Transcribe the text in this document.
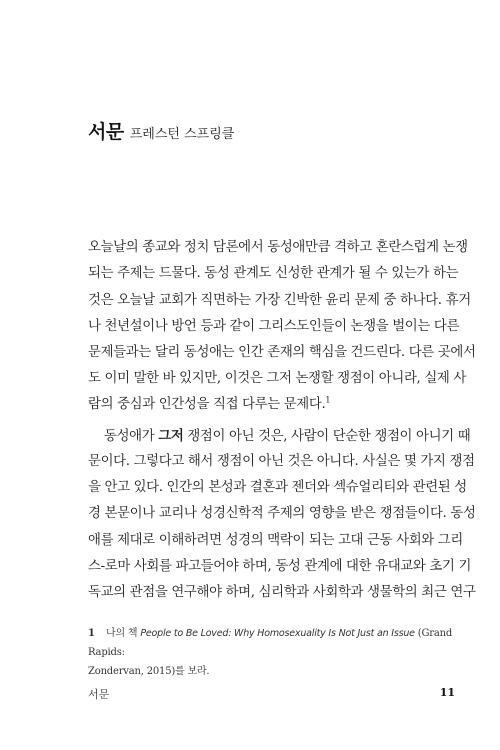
서문 프레스턴 스프링클
오늘날의 종교와 정치 담론에서 동성애만큼 격하고 혼란스럽게 논쟁
되는 주제는 드물다. 동성 관계도 신성한 관계가 될 수 있는가 하는
것은 오늘날 교회가 직면하는 가장 긴박한 윤리 문제 중 하나다. 휴거
나 천년설이나 방언 등과 같이 그리스도인들이 논쟁을 벌이는 다른
문제들과는 달리 동성애는 인간 존재의 핵심을 건드린다. 다른 곳에서
도 이미 말한 바 있지만, 이것은 그저 논쟁할 쟁점이 아니라, 실제 사
람의 중심과 인간성을 직접 다루는 문제다.$^1$
동성애가 그저 쟁점이 아닌 것은, 사람이 단순한 쟁점이 아니기 때
문이다. 그렇다고 해서 쟁점이 아닌 것은 아니다. 사실은 몇 가지 쟁점
을 안고 있다. 인간의 본성과 결혼과 젠더와 섹슈얼리티와 관련된 성
경 본문이나 교리나 성경신학적 주제의 영향을 받은 쟁점들이다. 동성
애를 제대로 이해하려면 성경의 맥락이 되는 고대 근동 사회와 그리
스-로마 사회를 파고들어야 하며, 동성 관계에 대한 유대교와 초기 기
독교의 관점을 연구해야 하며, 심리학과 사회학과 생물학의 최근 연구
1 나의 책 People to Be Loved: Why Homosexuality Is Not Just an Issue (Grand Rapids:
Zondervan, 2015)를 보라.
서문	11
